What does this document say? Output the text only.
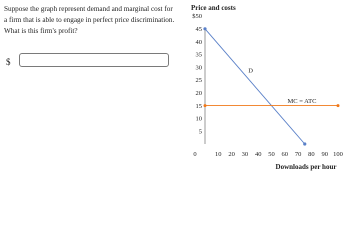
Suppose the graph represent demand and marginal cost for a firm that is able to engage in perfect price discrimination. What is this firm's profit?

$
Price and costs
5
10
15
20
25
30
35
40
45
$50
0	10 20 30 40 50 60 70 80 90 100
D
MC = ATC
Downloads per hour
